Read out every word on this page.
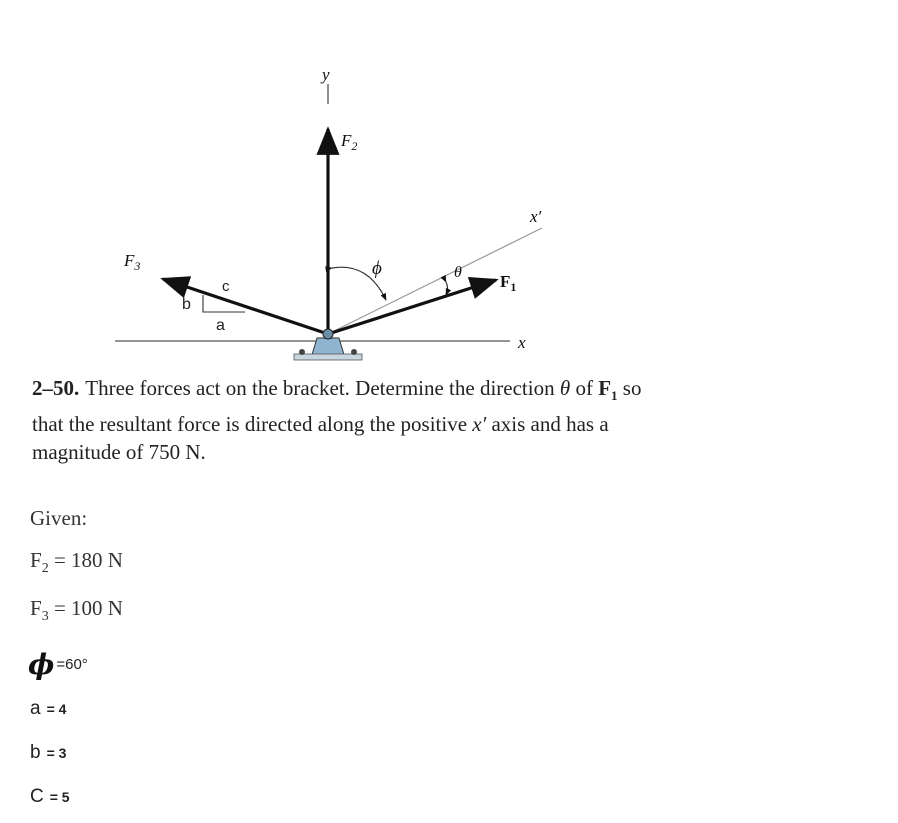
x
y
x′
$F_2$
$F_1$
$F_3$	ϕ	θ
c
b
a
2–50. Three forces act on the bracket. Determine the direction θ of $F_1$ so that the resultant force is directed along the positive x′ axis and has a magnitude of 750 N.
Given:
$F_2 = 180$ N
$F_3 = 100$ N
ϕ =60°
a = 4
b = 3
C = 5
